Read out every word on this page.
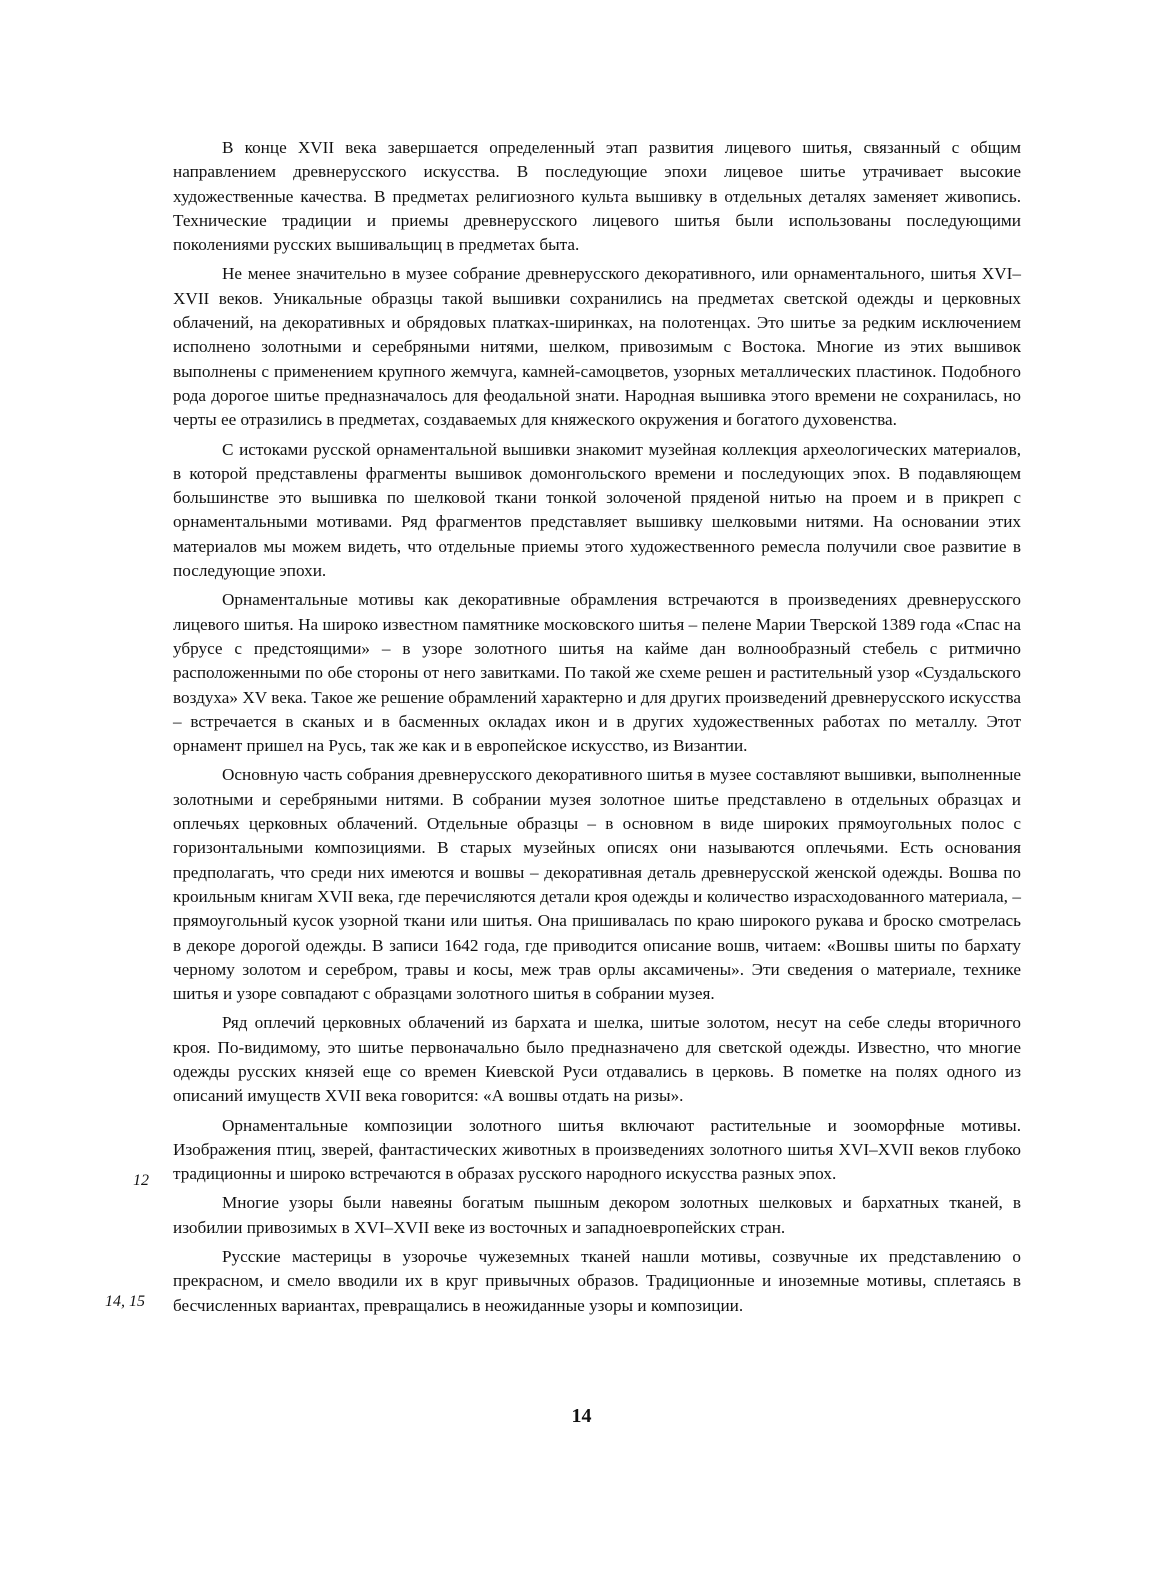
В конце XVII века завершается определенный этап развития лицевого шитья, связанный с общим направлением древнерусского искусства. В последующие эпохи лицевое шитье утрачивает высокие художественные качества. В предметах религиозного культа вышивку в отдельных деталях заменяет живопись. Технические традиции и приемы древнерусского лицевого шитья были использованы последующими поколениями русских вышивальщиц в предметах быта.

Не менее значительно в музее собрание древнерусского декоративного, или орнаментального, шитья XVI–XVII веков. Уникальные образцы такой вышивки сохранились на предметах светской одежды и церковных облачений, на декоративных и обрядовых платках-ширинках, на полотенцах. Это шитье за редким исключением исполнено золотными и серебряными нитями, шелком, привозимым с Востока. Многие из этих вышивок выполнены с применением крупного жемчуга, камней-самоцветов, узорных металлических пластинок. Подобного рода дорогое шитье предназначалось для феодальной знати. Народная вышивка этого времени не сохранилась, но черты ее отразились в предметах, создаваемых для княжеского окружения и богатого духовенства.

С истоками русской орнаментальной вышивки знакомит музейная коллекция археологических материалов, в которой представлены фрагменты вышивок домонгольского времени и последующих эпох. В подавляющем большинстве это вышивка по шелковой ткани тонкой золоченой пряденой нитью на проем и в прикреп с орнаментальными мотивами. Ряд фрагментов представляет вышивку шелковыми нитями. На основании этих материалов мы можем видеть, что отдельные приемы этого художественного ремесла получили свое развитие в последующие эпохи.

Орнаментальные мотивы как декоративные обрамления встречаются в произведениях древнерусского лицевого шитья. На широко известном памятнике московского шитья – пелене Марии Тверской 1389 года «Спас на убрусе с предстоящими» – в узоре золотного шитья на кайме дан волнообразный стебель с ритмично расположенными по обе стороны от него завитками. По такой же схеме решен и растительный узор «Суздальского воздуха» XV века. Такое же решение обрамлений характерно и для других произведений древнерусского искусства – встречается в сканых и в басменных окладах икон и в других художественных работах по металлу. Этот орнамент пришел на Русь, так же как и в европейское искусство, из Византии.

Основную часть собрания древнерусского декоративного шитья в музее составляют вышивки, выполненные золотными и серебряными нитями. В собрании музея золотное шитье представлено в отдельных образцах и оплечьях церковных облачений. Отдельные образцы – в основном в виде широких прямоугольных полос с горизонтальными композициями. В старых музейных описях они называются оплечьями. Есть основания предполагать, что среди них имеются и вошвы – декоративная деталь древнерусской женской одежды. Вошва по кроильным книгам XVII века, где перечисляются детали кроя одежды и количество израсходованного материала, – прямоугольный кусок узорной ткани или шитья. Она пришивалась по краю широкого рукава и броско смотрелась в декоре дорогой одежды. В записи 1642 года, где приводится описание вошв, читаем: «Вошвы шиты по бархату черному золотом и серебром, травы и косы, меж трав орлы аксамичены». Эти сведения о материале, технике шитья и узоре совпадают с образцами золотного шитья в собрании музея.

Ряд оплечий церковных облачений из бархата и шелка, шитые золотом, несут на себе следы вторичного кроя. По-видимому, это шитье первоначально было предназначено для светской одежды. Известно, что многие одежды русских князей еще со времен Киевской Руси отдавались в церковь. В пометке на полях одного из описаний имуществ XVII века говорится: «А вошвы отдать на ризы».

Орнаментальные композиции золотного шитья включают растительные и зооморфные мотивы. Изображения птиц, зверей, фантастических животных в произведениях золотного шитья XVI–XVII веков глубоко традиционны и широко встречаются в образах русского народного искусства разных эпох.

Многие узоры были навеяны богатым пышным декором золотных шелковых и бархатных тканей, в изобилии привозимых в XVI–XVII веке из восточных и западноевропейских стран.

Русские мастерицы в узорочье чужеземных тканей нашли мотивы, созвучные их представлению о прекрасном, и смело вводили их в круг привычных образов. Традиционные и иноземные мотивы, сплетаясь в бесчисленных вариантах, превращались в неожиданные узоры и композиции.

12
14, 15
14
